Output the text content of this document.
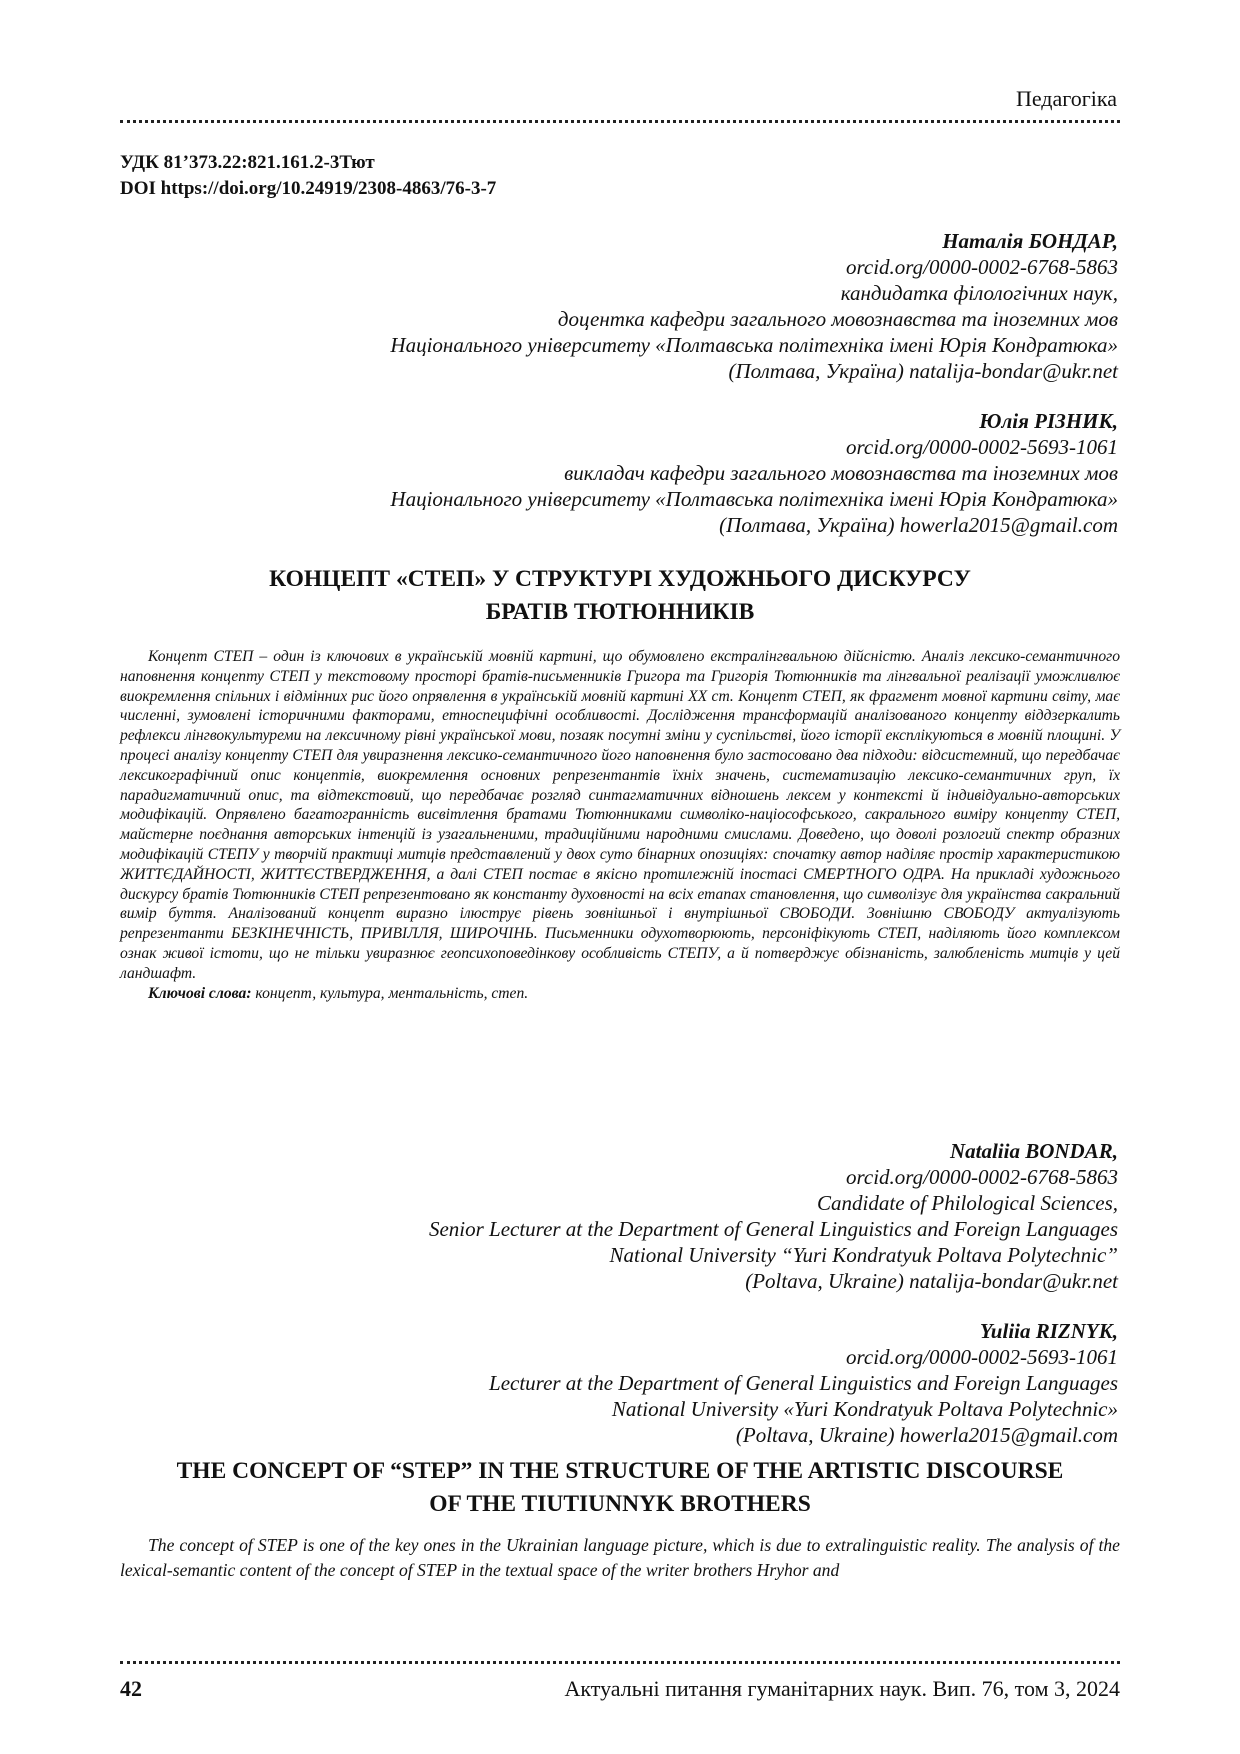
Педагогіка
УДК 81’373.22:821.161.2-3Тют
DOI https://doi.org/10.24919/2308-4863/76-3-7
Наталія БОНДАР,
orcid.org/0000-0002-6768-5863
кандидатка філологічних наук,
доцентка кафедри загального мовознавства та іноземних мов
Національного університету «Полтавська політехніка імені Юрія Кондратюка»
(Полтава, Україна) natalija-bondar@ukr.net
Юлія РІЗНИК,
orcid.org/0000-0002-5693-1061
викладач кафедри загального мовознавства та іноземних мов
Національного університету «Полтавська політехніка імені Юрія Кондратюка»
(Полтава, Україна) howerla2015@gmail.com
КОНЦЕПТ «СТЕП» У СТРУКТУРІ ХУДОЖНЬОГО ДИСКУРСУ
БРАТІВ ТЮТЮННИКІВ

Концепт СТЕП – один із ключових в українській мовній картині, що обумовлено екстралінгвальною дійсністю. Аналіз лексико-семантичного наповнення концепту СТЕП у текстовому просторі братів-письменників Григора та Григорія Тютюнників та лінгвальної реалізації уможливлює виокремлення спільних і відмінних рис його опрявлення в українській мовній картині ХХ ст. Концепт СТЕП, як фрагмент мовної картини світу, має численні, зумовлені історичними факторами, етноспецифічні особливості. Дослідження трансформацій аналізованого концепту віддзеркалить рефлекси лінгвокультуреми на лексичному рівні української мови, позаяк посутні зміни у суспільстві, його історії експлікуються в мовній площині. У процесі аналізу концепту СТЕП для увиразнення лексико-семантичного його наповнення було застосовано два підходи: відсистемний, що передбачає лексикографічний опис концептів, виокремлення основних репрезентантів їхніх значень, систематизацію лексико-семантичних груп, їх парадигматичний опис, та відтекстовий, що передбачає розгляд синтагматичних відношень лексем у контексті й індивідуально-авторських модифікацій. Опрявлено багатогранність висвітлення братами Тютюнниками символіко-націософського, сакрального виміру концепту СТЕП, майстерне поєднання авторських інтенцій із узагальненими, традиційними народними смислами. Доведено, що доволі розлогий спектр образних модифікацій СТЕПУ у творчій практиці митців представлений у двох суто бінарних опозиціях: спочатку автор наділяє простір характеристикою ЖИТТЄДАЙНОСТІ, ЖИТТЄСТВЕРДЖЕННЯ, а далі СТЕП постає в якісно протилежній іпостасі СМЕРТНОГО ОДРА. На прикладі художнього дискурсу братів Тютюнників СТЕП репрезентовано як константу духовності на всіх етапах становлення, що символізує для українства сакральний вимір буття. Аналізований концепт виразно ілюструє рівень зовнішньої і внутрішньої СВОБОДИ. Зовнішню СВОБОДУ актуалізують репрезентанти БЕЗКІНЕЧНІСТЬ, ПРИВІЛЛЯ, ШИРОЧІНЬ. Письменники одухотворюють, персоніфікують СТЕП, наділяють його комплексом ознак живої істоти, що не тільки увиразнює геопсихоповедінкову особливість СТЕПУ, а й потверджує обізнаність, залюбленість митців у цей ландшафт.

Ключові слова: концепт, культура, ментальність, степ.

Nataliia BONDAR,
orcid.org/0000-0002-6768-5863
Candidate of Philological Sciences,
Senior Lecturer at the Department of General Linguistics and Foreign Languages
National University “Yuri Kondratyuk Poltava Polytechnic”
(Poltava, Ukraine) natalija-bondar@ukr.net
Yuliia RIZNYK,
orcid.org/0000-0002-5693-1061
Lecturer at the Department of General Linguistics and Foreign Languages
National University «Yuri Kondratyuk Poltava Polytechnic»
(Poltava, Ukraine) howerla2015@gmail.com
THE CONCEPT OF “STEP” IN THE STRUCTURE OF THE ARTISTIC DISCOURSE
OF THE TIUTIUNNYK BROTHERS

The concept of STEP is one of the key ones in the Ukrainian language picture, which is due to extralinguistic reality. The analysis of the lexical-semantic content of the concept of STEP in the textual space of the writer brothers Hryhor and

42	Актуальні питання гуманітарних наук. Вип. 76, том 3, 2024
